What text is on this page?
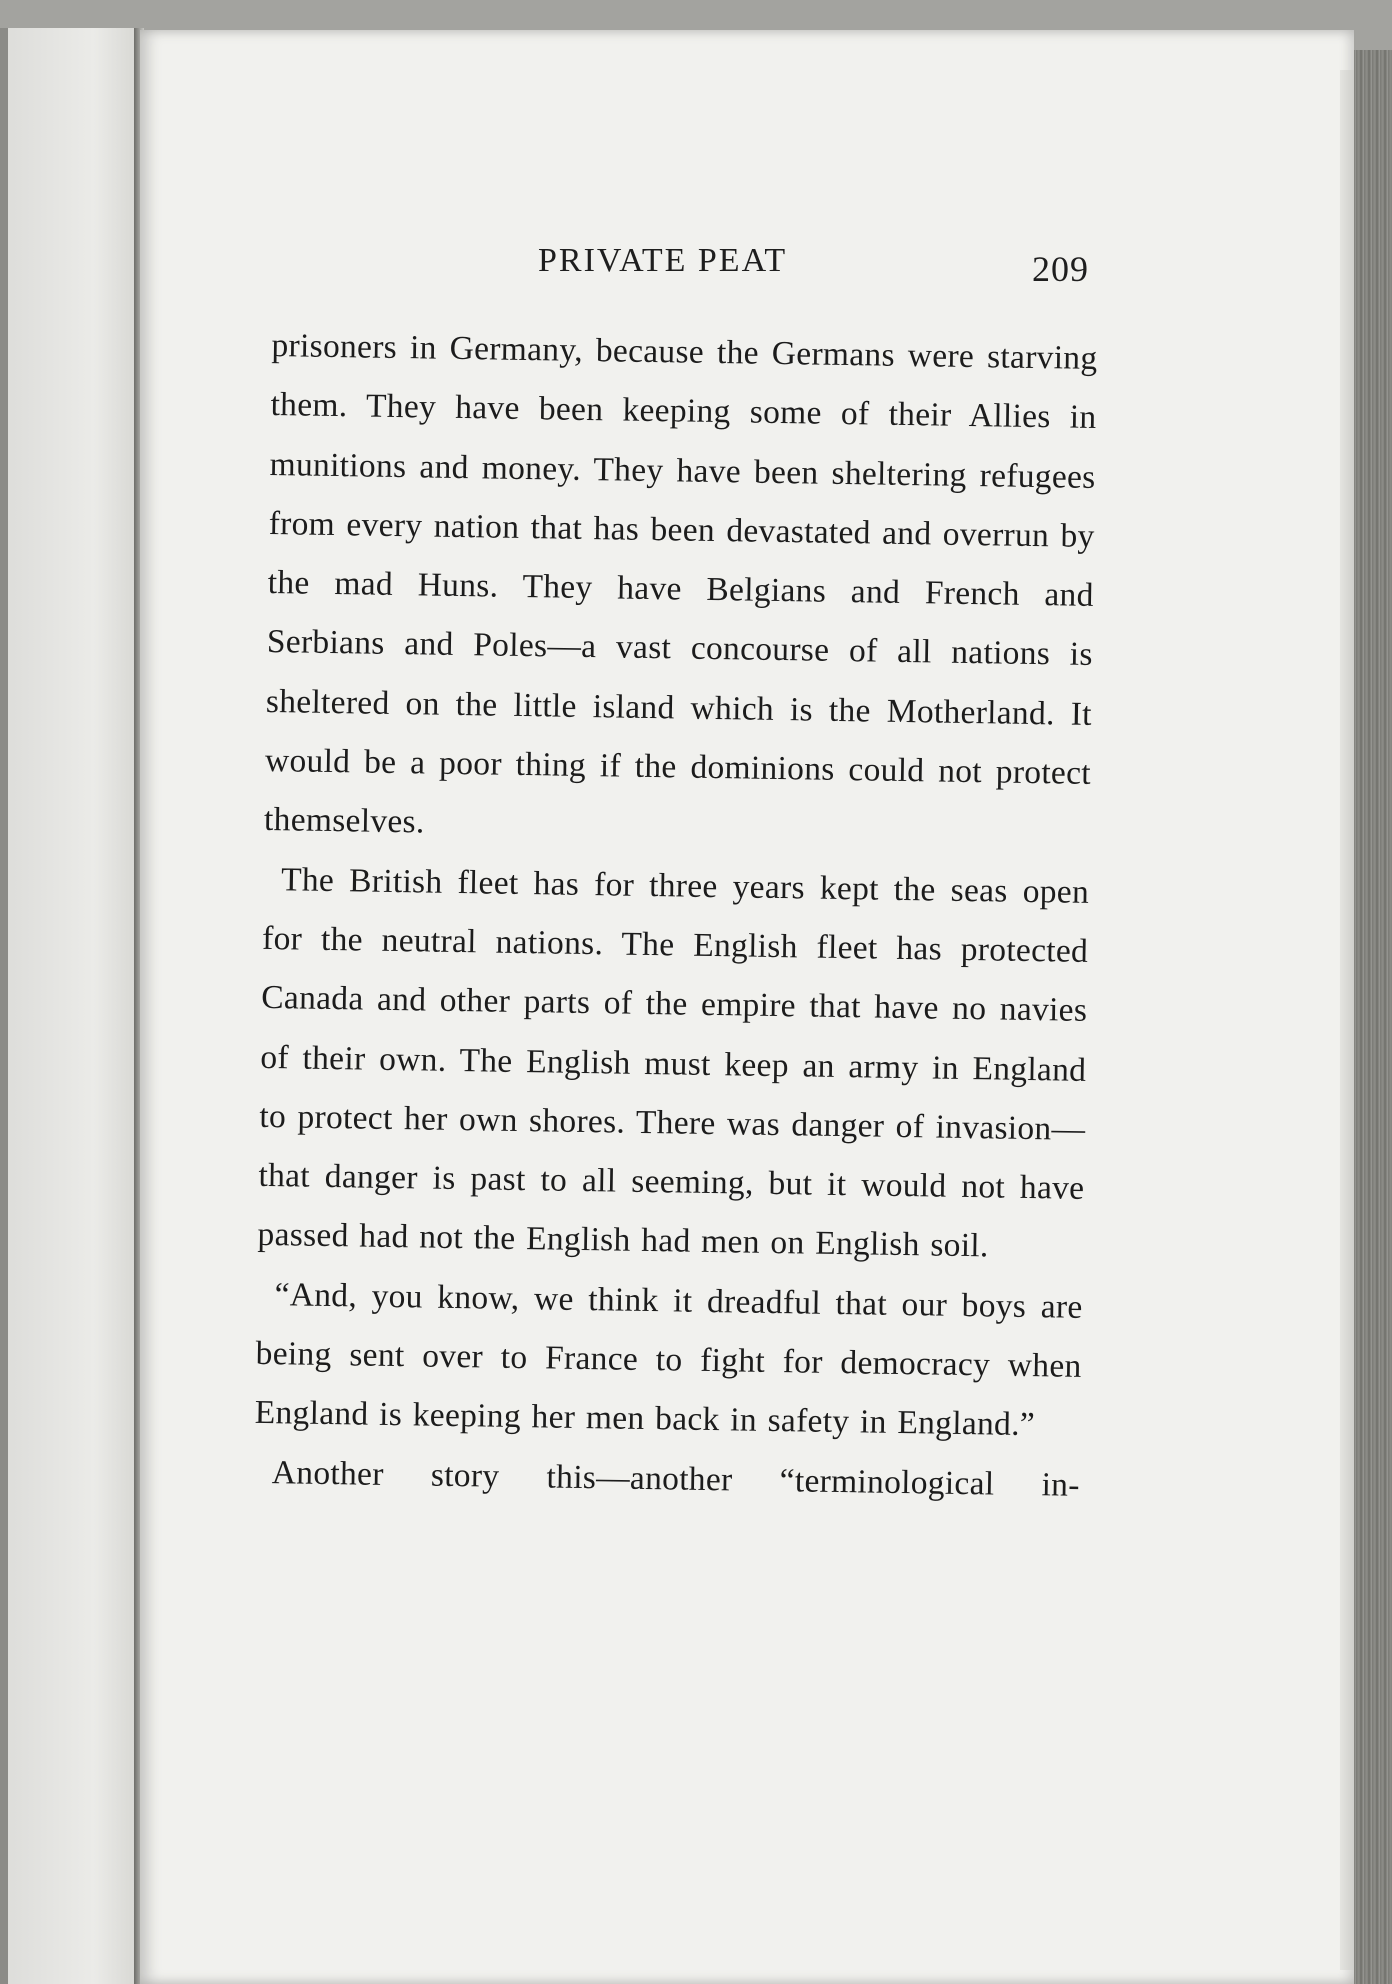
PRIVATE PEAT	209

prisoners in Germany, because the Germans were starving them. They have been keeping some of their Allies in munitions and money. They have been sheltering refugees from every nation that has been devastated and overrun by the mad Huns. They have Belgians and French and Serbians and Poles—a vast concourse of all nations is sheltered on the little island which is the Motherland. It would be a poor thing if the dominions could not protect themselves.

The British fleet has for three years kept the seas open for the neutral nations. The English fleet has protected Canada and other parts of the empire that have no navies of their own. The English must keep an army in England to protect her own shores. There was danger of invasion—that danger is past to all seeming, but it would not have passed had not the English had men on English soil.

“And, you know, we think it dreadful that our boys are being sent over to France to fight for democracy when England is keeping her men back in safety in England.”

Another story this—another “terminological in-
